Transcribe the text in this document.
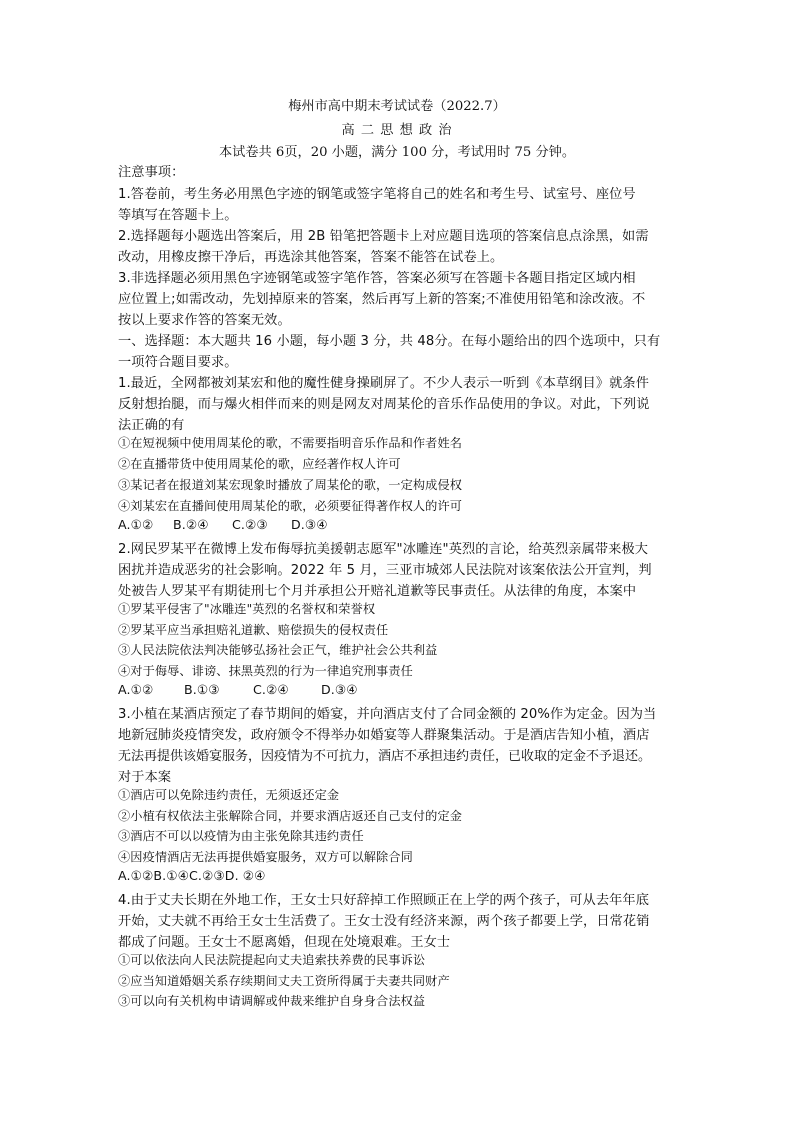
梅州市高中期末考试试卷（2022.7）
高 二 思 想 政 治
本试卷共 6页，20 小题，满分 100 分，考试用时 75 分钟。
注意事项：
1.答卷前，考生务必用黑色字迹的钢笔或签字笔将自己的姓名和考生号、试室号、座位号
等填写在答题卡上。
2.选择题每小题选出答案后，用 2B 铅笔把答题卡上对应题目选项的答案信息点涂黑，如需
改动，用橡皮擦干净后，再选涂其他答案，答案不能答在试卷上。
3.非选择题必须用黑色字迹钢笔或签字笔作答，答案必须写在答题卡各题目指定区域内相
应位置上;如需改动，先划掉原来的答案，然后再写上新的答案;不准使用铅笔和涂改液。不
按以上要求作答的答案无效。
一、选择题：本大题共 16 小题，每小题 3 分，共 48分。在每小题给出的四个选项中，只有
一项符合题目要求。
1.最近，全网都被刘某宏和他的魔性健身操刷屏了。不少人表示一听到《本草纲目》就条件
反射想抬腿，而与爆火相伴而来的则是网友对周某伦的音乐作品使用的争议。对此，下列说
法正确的有
①在短视频中使用周某伦的歌，不需要指明音乐作品和作者姓名
②在直播带货中使用周某伦的歌，应经著作权人许可
③某记者在报道刘某宏现象时播放了周某伦的歌，一定构成侵权
④刘某宏在直播间使用周某伦的歌，必须要征得著作权人的许可
A.①② B.②④ C.②③ D.③④
2.网民罗某平在微博上发布侮辱抗美援朝志愿军"冰雕连"英烈的言论，给英烈亲属带来极大
困扰并造成恶劣的社会影响。2022 年 5 月，三亚市城郊人民法院对该案依法公开宣判，判
处被告人罗某平有期徒刑七个月并承担公开赔礼道歉等民事责任。从法律的角度，本案中
①罗某平侵害了"冰雕连"英烈的名誉权和荣誉权
②罗某平应当承担赔礼道歉、赔偿损失的侵权责任
③人民法院依法判决能够弘扬社会正气，维护社会公共利益
④对于侮辱、诽谤、抹黑英烈的行为一律追究刑事责任
A.①② B.①③	C.②④	D.③④
3.小植在某酒店预定了春节期间的婚宴，并向酒店支付了合同金额的 20%作为定金。因为当
地新冠肺炎疫情突发，政府颁令不得举办如婚宴等人群聚集活动。于是酒店告知小植，酒店
无法再提供该婚宴服务，因疫情为不可抗力，酒店不承担违约责任，已收取的定金不予退还。
对于本案
①酒店可以免除违约责任，无须返还定金
②小植有权依法主张解除合同，并要求酒店返还自己支付的定金
③酒店不可以以疫情为由主张免除其违约责任
④因疫情酒店无法再提供婚宴服务，双方可以解除合同
A.①②B.①④C.②③D. ②④
4.由于丈夫长期在外地工作，王女士只好辞掉工作照顾正在上学的两个孩子，可从去年年底
开始，丈夫就不再给王女士生活费了。王女士没有经济来源，两个孩子都要上学，日常花销
都成了问题。王女士不愿离婚，但现在处境艰难。王女士
①可以依法向人民法院提起向丈夫追索扶养费的民事诉讼
②应当知道婚姻关系存续期间丈夫工资所得属于夫妻共同财产
③可以向有关机构申请调解或仲裁来维护自身身合法权益
